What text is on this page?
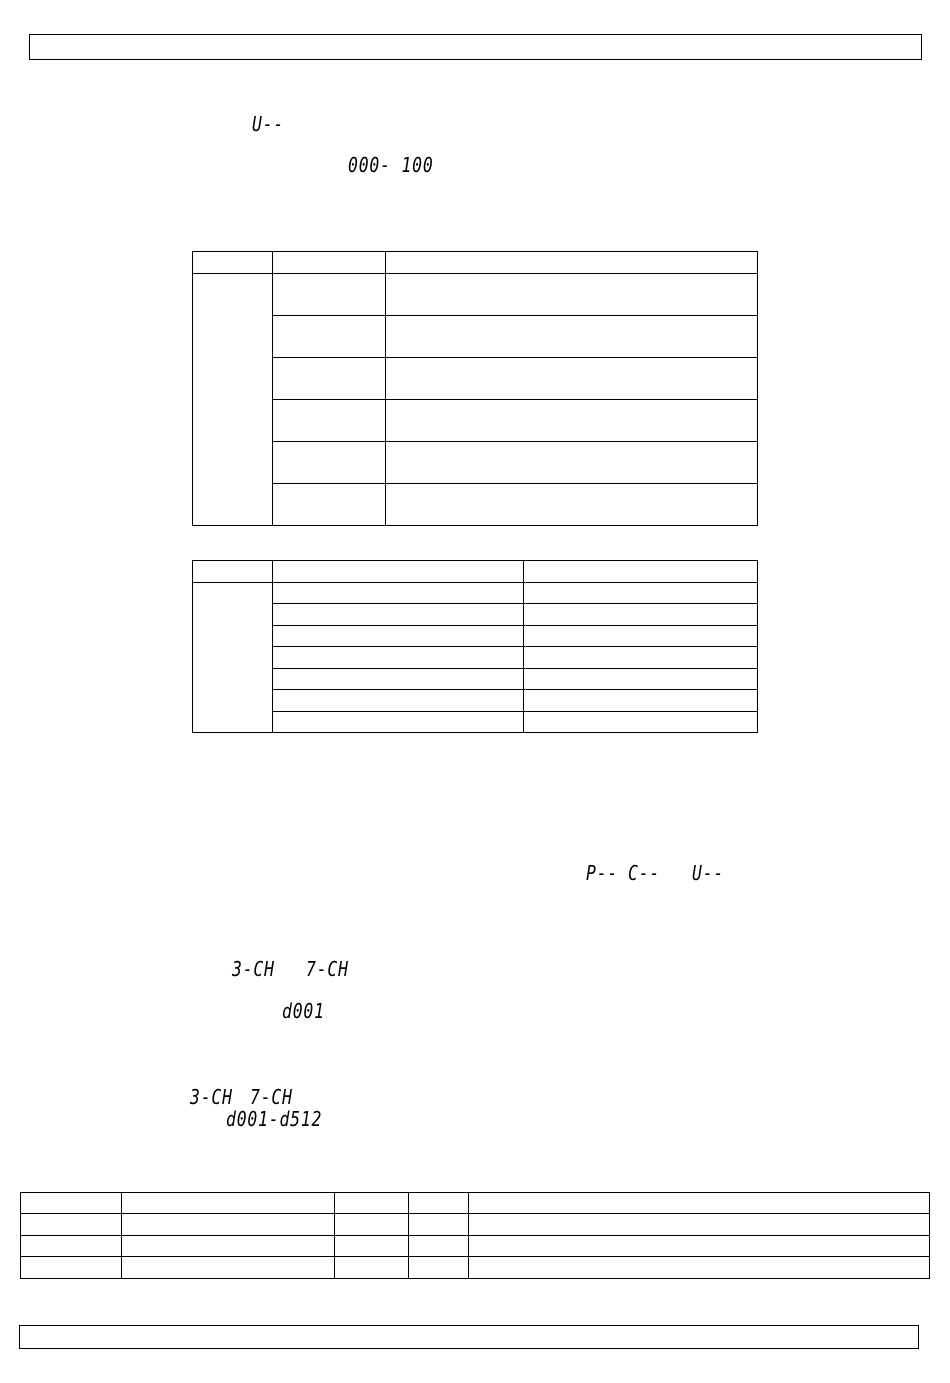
U--
000- 100

P-- C-- U--
3-CH 7-CH
d001
3-CH 7-CH
d001-d512
